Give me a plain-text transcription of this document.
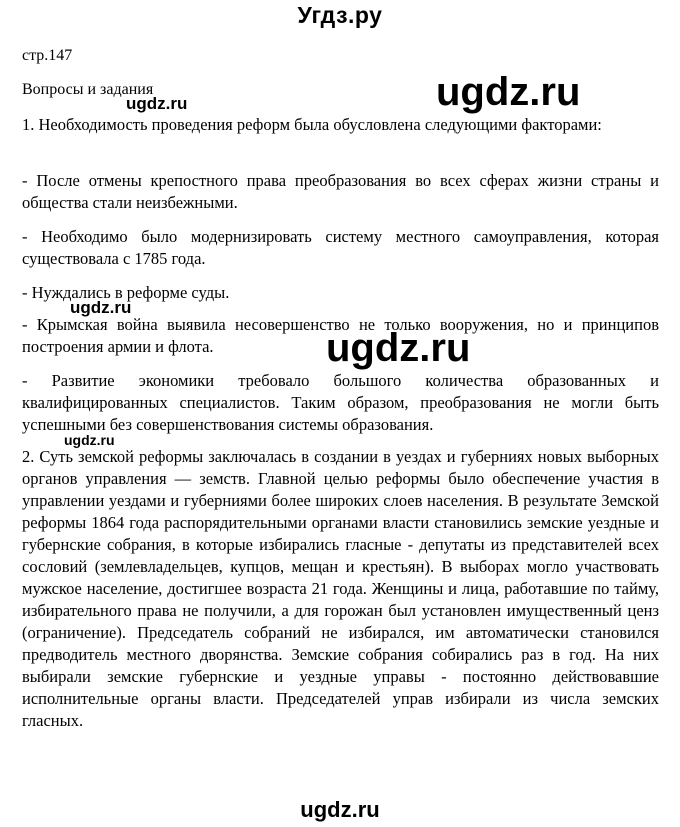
Угдз.ру
стр.147
Вопросы и задания

1. Необходимость проведения реформ была обусловлена следующими факторами:

- После отмены крепостного права преобразования во всех сферах жизни страны и общества стали неизбежными.

- Необходимо было модернизировать систему местного самоуправления, которая существовала с 1785 года.

- Нуждались в реформе суды.

- Крымская война выявила несовершенство не только вооружения, но и принципов построения армии и флота.

- Развитие экономики требовало большого количества образованных и квалифицированных специалистов. Таким образом, преобразования не могли быть успешными без совершенствования системы образования.

2. Суть земской реформы заключалась в создании в уездах и губерниях новых выборных органов управления — земств. Главной целью реформы было обеспечение участия в управлении уездами и губерниями более широких слоев населения. В результате Земской реформы 1864 года распорядительными органами власти становились земские уездные и губернские собрания, в которые избирались гласные - депутаты из представителей всех сословий (землевладельцев, купцов, мещан и крестьян). В выборах могло участвовать мужское население, достигшее возраста 21 года. Женщины и лица, работавшие по тайму, избирательного права не получили, а для горожан был установлен имущественный ценз (ограничение). Председатель собраний не избирался, им автоматически становился предводитель местного дворянства. Земские собрания собирались раз в год. На них выбирали земские губернские и уездные управы - постоянно действовавшие исполнительные органы власти. Председателей управ избирали из числа земских гласных.

ugdz.ru	ugdz.ru
ugdz.ru
ugdz.ru
ugdz.ru
ugdz.ru
